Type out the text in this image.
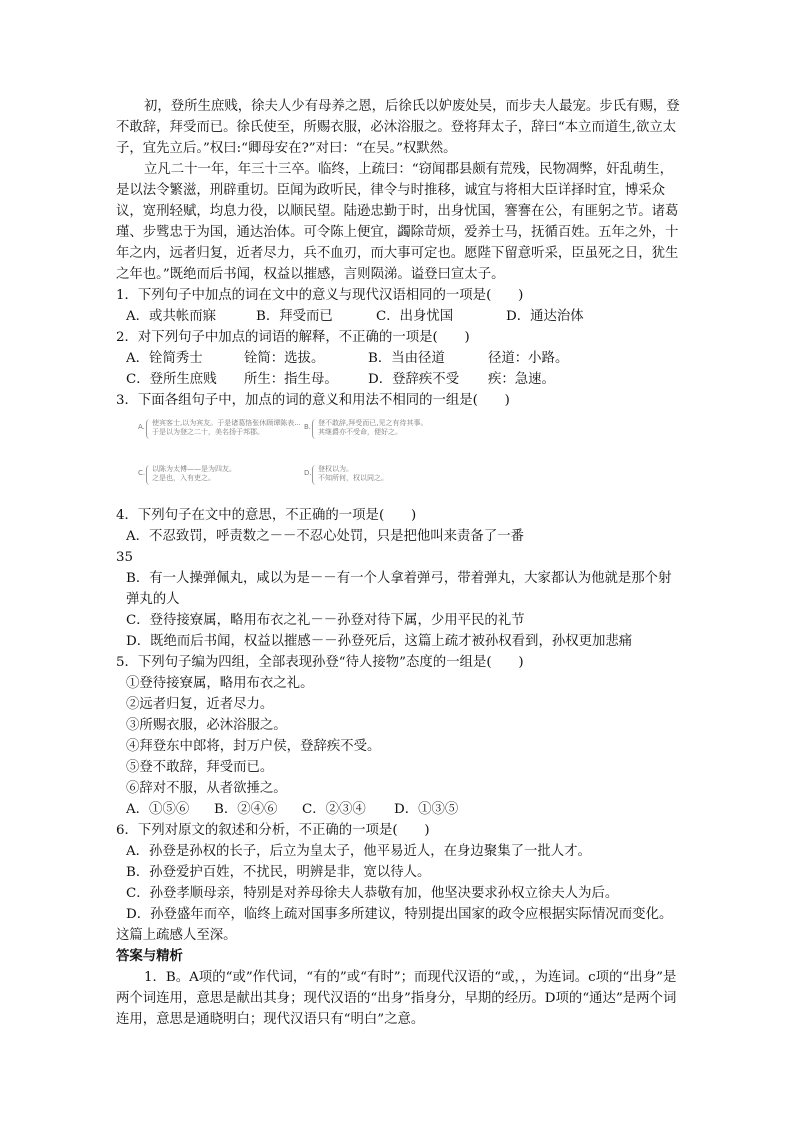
初，登所生庶贱，徐夫人少有母养之恩，后徐氏以妒废处吴，而步夫人最宠。步氏有赐，登不敢辞，拜受而已。徐氏使至，所赐衣服，必沐浴服之。登将拜太子，辞曰“本立而道生,欲立太子，宜先立后。”权曰:“卿母安在?”对曰：“在吴。”权默然。

立凡二十一年，年三十三卒。临终，上疏曰：“窃闻郡县颇有荒残，民物凋弊，奸乱萌生，是以法令繁滋，刑辟重切。臣闻为政听民，律令与时推移，诚宜与将相大臣详择时宜，博采众议，宽刑轻赋，均息力役，以顺民望。陆逊忠勤于时，出身忧国，謇謇在公，有匪躬之节。诸葛瑾、步骘忠于为国，通达治体。可令陈上便宜，蠲除苛烦，爱养士马，抚循百姓。五年之外，十年之内，远者归复，近者尽力，兵不血刃，而大事可定也。愿陛下留意听采，臣虽死之日，犹生之年也。”既绝而后书闻，权益以摧感，言则陨涕。谥登曰宣太子。

1．下列句子中加点的词在文中的意义与现代汉语相同的一项是(　　)

A．或共帐而寐	B．拜受而已	C．出身忧国	D．通达治体

2．对下列句子中加点的词语的解释，不正确的一项是(　　)

A．铨简秀士	铨简：选拔。	B．当由径道	径道：小路。
C．登所生庶贱	所生：指生母。	D．登辞疾不受	疾：急速。

3．下面各组句子中，加点的词的意义和用法不相同的一组是(　　)

A. 使宾客士,以为宾友。于是诸葛恪张休顾谭陈表...
于是以为登之二十，美名扬于邦郡。
B. 登不敢辞,拜受而已,见之有待其事。
其继爵亦不受命，便好之。
C. 以陈为太傅——是为四友。
之是也，入有吏之。
D. 登权以为。
不知所何，权以同之。

4．下列句子在文中的意思，不正确的一项是(　　)

A．不忍致罚，呼责数之－－不忍心处罚，只是把他叫来责备了一番

35

B．有一人操弹佩丸，咸以为是－－有一个人拿着弹弓，带着弹丸，大家都认为他就是那个射弹丸的人

C．登待接寮属，略用布衣之礼－－孙登对待下属，少用平民的礼节

D．既绝而后书闻，权益以摧感－－孙登死后，这篇上疏才被孙权看到，孙权更加悲痛

5．下列句子编为四组，全部表现孙登“待人接物”态度的一组是(　　)

①登待接寮属，略用布衣之礼。

②远者归复，近者尽力。

③所赐衣服，必沐浴服之。

④拜登东中郎将，封万户侯，登辞疾不受。

⑤登不敢辞，拜受而已。

⑥辞对不服，从者欲捶之。

A．①⑤⑥	B．②④⑥	C．②③④	D．①③⑤

6．下列对原文的叙述和分析，不正确的一项是(　　)

A．孙登是孙权的长子，后立为皇太子，他平易近人，在身边聚集了一批人才。

B．孙登爱护百姓，不扰民，明辨是非，宽以待人。

C．孙登孝顺母亲，特别是对养母徐夫人恭敬有加，他坚决要求孙权立徐夫人为后。

D．孙登盛年而卒，临终上疏对国事多所建议，特别提出国家的政令应根据实际情况而变化。这篇上疏感人至深。

答案与精析

1．B。A项的“或”作代词，“有的”或“有时”；而现代汉语的“或，，为连词。c项的“出身”是两个词连用，意思是献出其身；现代汉语的“出身”指身分，早期的经历。D项的“通达”是两个词连用，意思是通晓明白；现代汉语只有“明白”之意。
